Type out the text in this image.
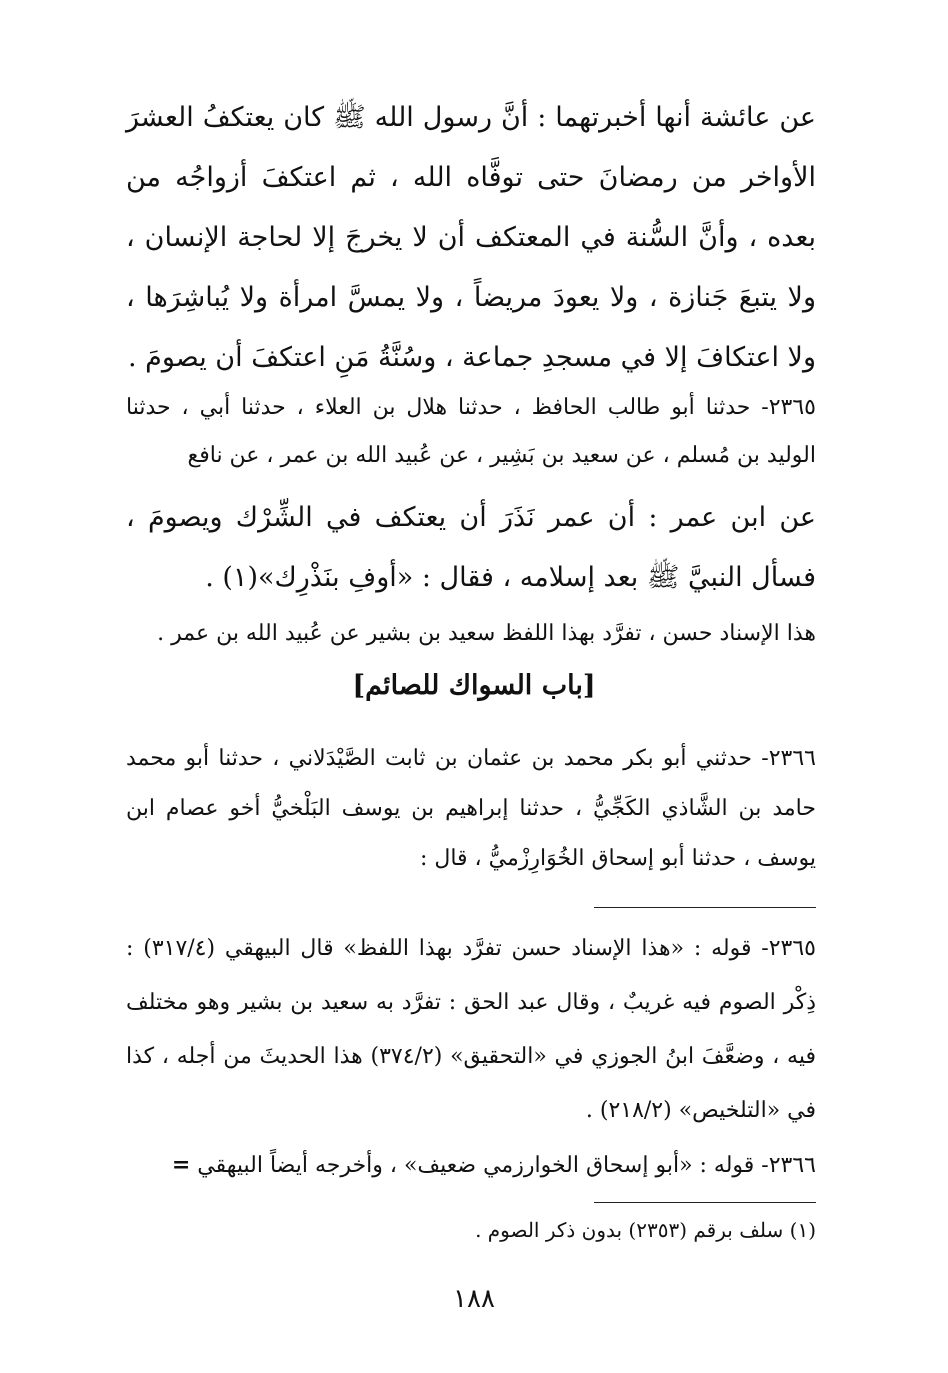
عن عائشة أنها أخبرتهما : أنَّ رسول الله ﷺ كان يعتكفُ العشرَ الأواخر من رمضانَ حتى توفَّاه الله ، ثم اعتكفَ أزواجُه من بعده ، وأنَّ السُّنة في المعتكف أن لا يخرجَ إلا لحاجة الإنسان ، ولا يتبعَ جَنازة ، ولا يعودَ مريضاً ، ولا يمسَّ امرأة ولا يُباشِرَها ، ولا اعتكافَ إلا في مسجدِ جماعة ، وسُنَّةُ مَنِ اعتكفَ أن يصومَ .

٢٣٦٥- حدثنا أبو طالب الحافظ ، حدثنا هلال بن العلاء ، حدثنا أبي ، حدثنا الوليد بن مُسلم ، عن سعيد بن بَشِير ، عن عُبيد الله بن عمر ، عن نافع

عن ابن عمر : أن عمر نَذَرَ أن يعتكف في الشِّرْك ويصومَ ، فسأل النبيَّ ﷺ بعد إسلامه ، فقال : «أوفِ بنَذْرِك»(١) .

هذا الإسناد حسن ، تفرَّد بهذا اللفظ سعيد بن بشير عن عُبيد الله بن عمر .

[باب السواك للصائم]

٢٣٦٦- حدثني أبو بكر محمد بن عثمان بن ثابت الصَّيْدَلاني ، حدثنا أبو محمد حامد بن الشَّاذي الكَجِّيُّ ، حدثنا إبراهيم بن يوسف البَلْخيُّ أخو عصام ابن يوسف ، حدثنا أبو إسحاق الخُوَارِزْميُّ ، قال :

٢٣٦٥- قوله : «هذا الإسناد حسن تفرَّد بهذا اللفظ» قال البيهقي (٣١٧/٤) : ذِكْر الصوم فيه غريبٌ ، وقال عبد الحق : تفرَّد به سعيد بن بشير وهو مختلف فيه ، وضعَّفَ ابنُ الجوزي في «التحقيق» (٣٧٤/٢) هذا الحديثَ من أجله ، كذا في «التلخيص» (٢١٨/٢) .

٢٣٦٦- قوله : «أبو إسحاق الخوارزمي ضعيف» ، وأخرجه أيضاً البيهقي =

(١) سلف برقم (٢٣٥٣) بدون ذكر الصوم .

١٨٨
